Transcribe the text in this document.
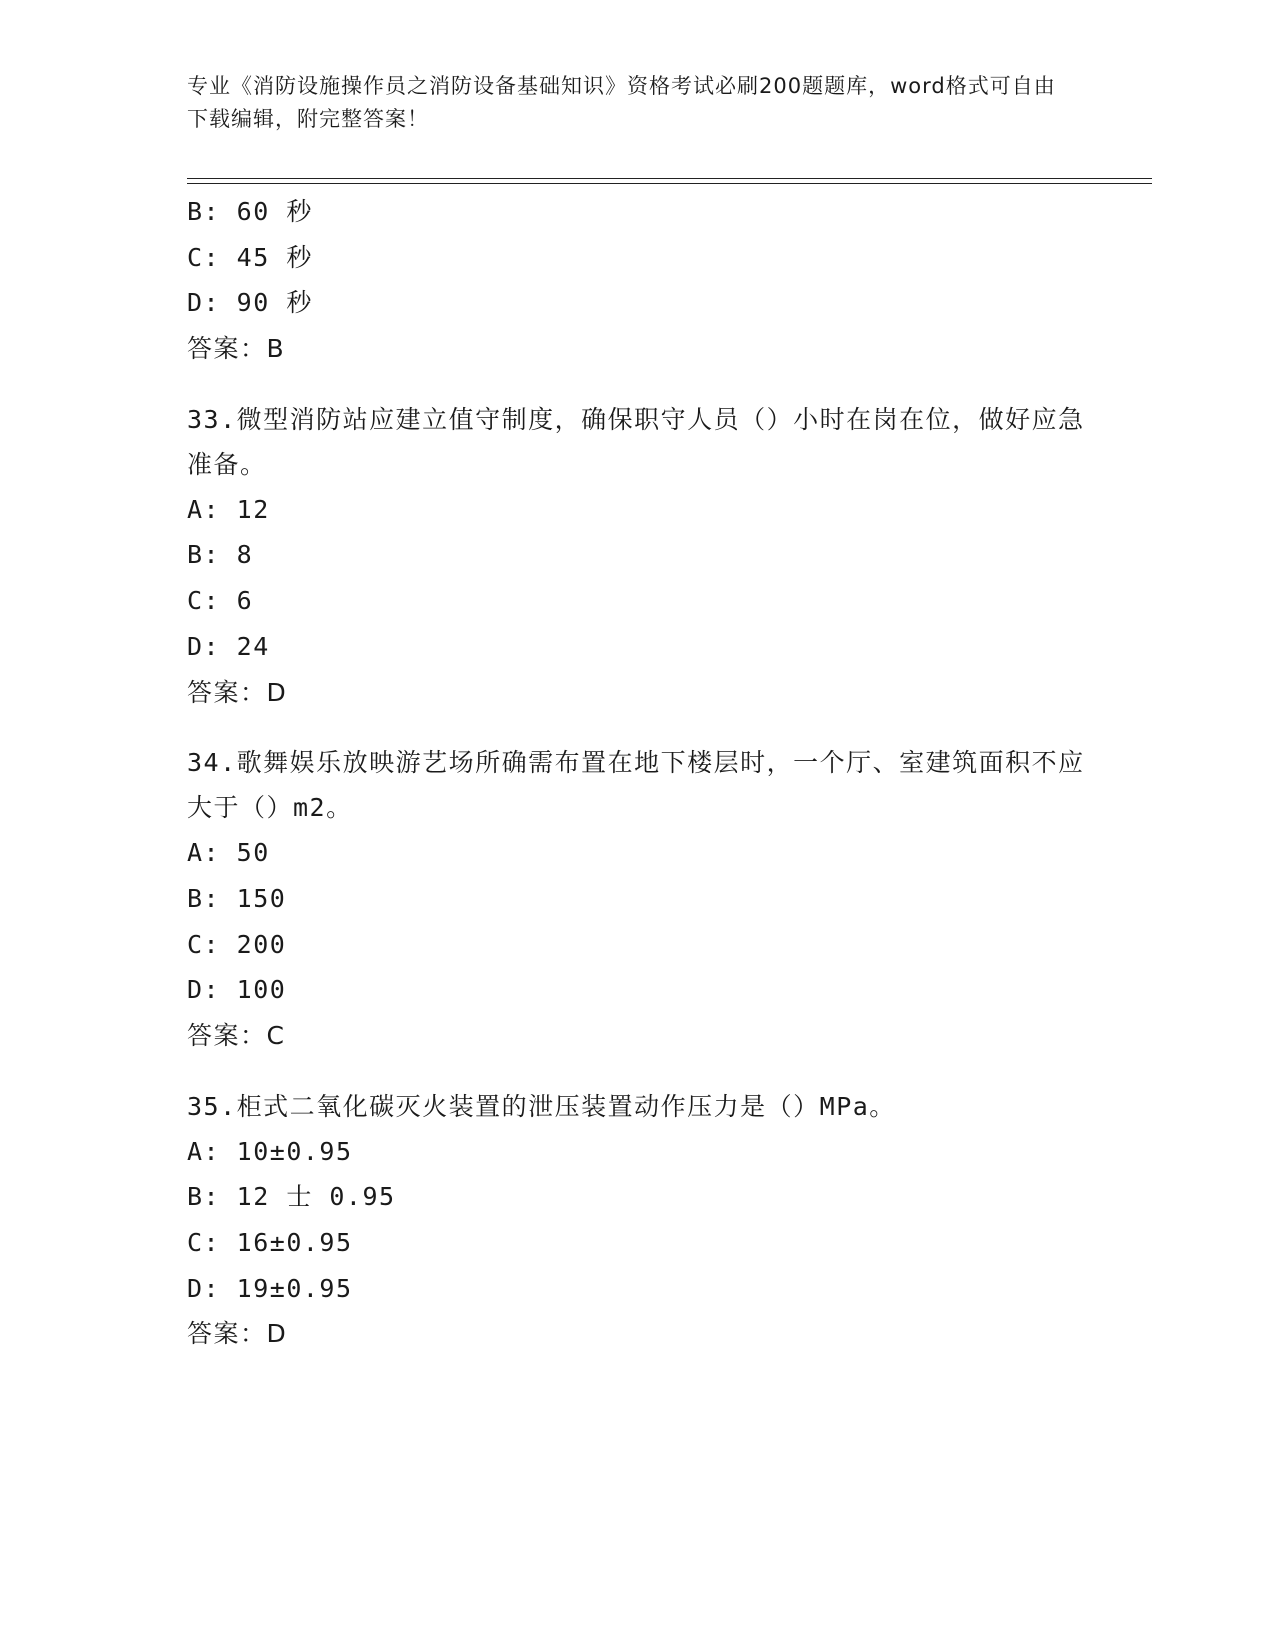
专业《消防设施操作员之消防设备基础知识》资格考试必刷200题题库，word格式可自由下载编辑，附完整答案！
B: 60 秒
C: 45 秒
D: 90 秒
答案：B
33.微型消防站应建立值守制度，确保职守人员（）小时在岗在位，做好应急准备。
A: 12
B: 8
C: 6
D: 24
答案：D
34.歌舞娱乐放映游艺场所确需布置在地下楼层时，一个厅、室建筑面积不应大于（）m2。
A: 50
B: 150
C: 200
D: 100
答案：C
35.柜式二氧化碳灭火装置的泄压装置动作压力是（）MPa。
A: 10±0.95
B: 12 士 0.95
C: 16±0.95
D: 19±0.95
答案：D
